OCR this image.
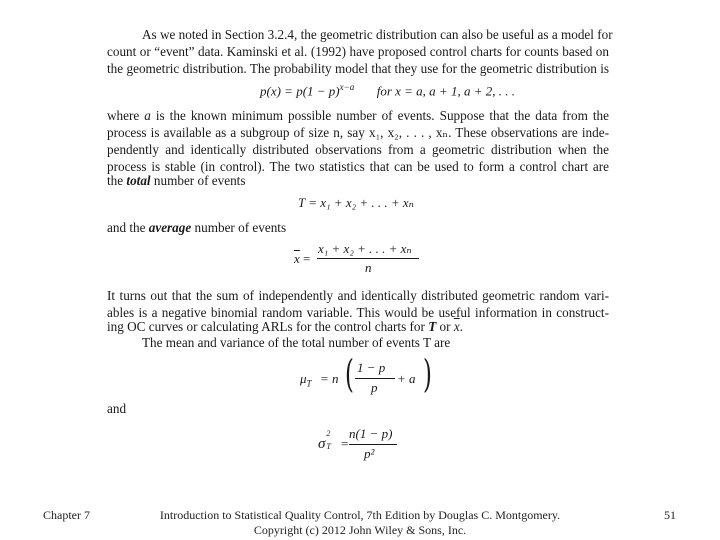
As we noted in Section 3.2.4, the geometric distribution can also be useful as a model for
count or “event” data. Kaminski et al. (1992) have proposed control charts for counts based on
the geometric distribution. The probability model that they use for the geometric distribution is
$p(x) = p(1 - p)^{x-a}$ for x = a, a + 1, a + 2, . . .
where a is the known minimum possible number of events. Suppose that the data from the
process is available as a subgroup of size n, say x₁, x₂, . . . , xₙ. These observations are inde-
pendently and identically distributed observations from a geometric distribution when the
process is stable (in control). The two statistics that can be used to form a control chart are
the total number of events
T = x₁ + x₂ + . . . + xₙ
and the average number of events
$\overline{x}$ =
x₁ + x₂ + . . . + xₙ
n
It turns out that the sum of independently and identically distributed geometric random vari-
ables is a negative binomial random variable. This would be useful information in construct-
ing OC curves or calculating ARLs for the control charts for T or $\overline{x}$.
The mean and variance of the total number of events T are
$\mu_T = n$ ( 1 − p
p
+ a )
and
σ
2
T =
n(1 − p)
p²
Chapter 7	Introduction to Statistical Quality Control, 7th Edition by Douglas C. Montgomery.
Copyright (c) 2012 John Wiley & Sons, Inc.
51
